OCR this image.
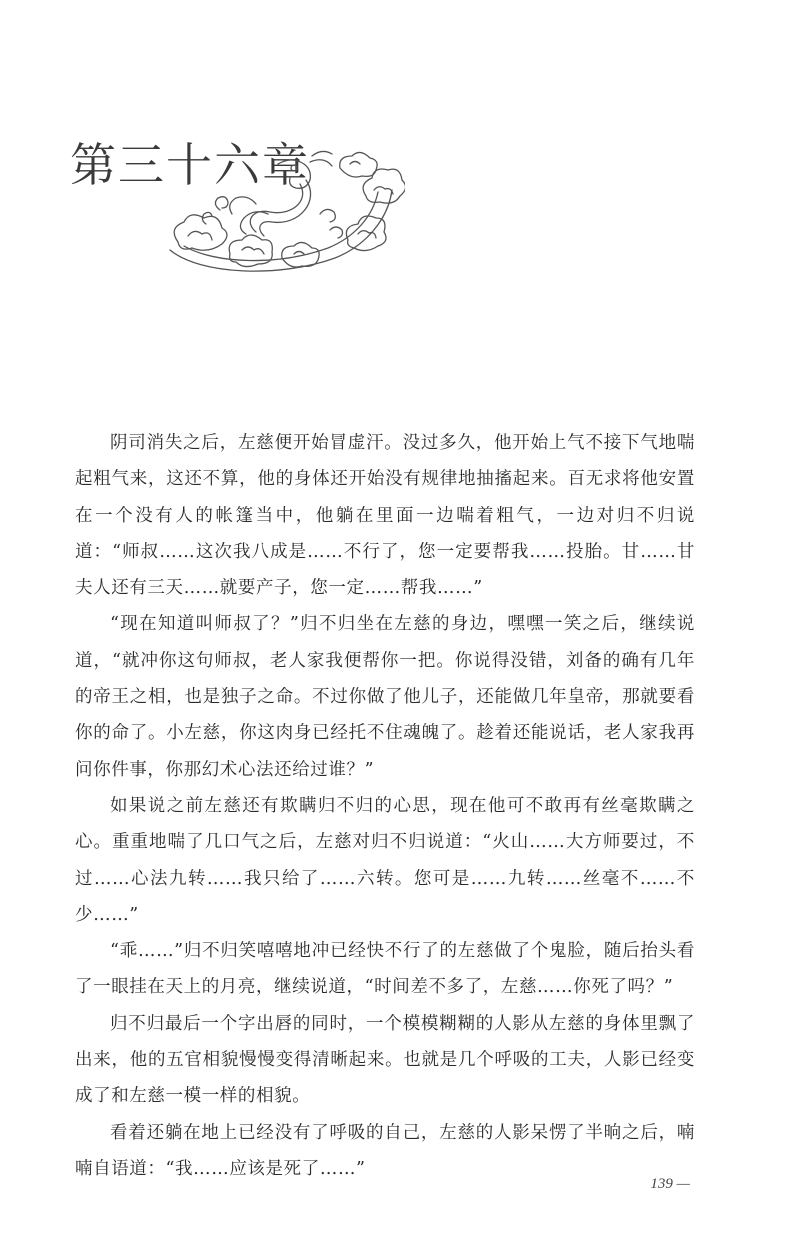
第三十六章

阴司消失之后，左慈便开始冒虚汗。没过多久，他开始上气不接下气地喘起粗气来，这还不算，他的身体还开始没有规律地抽搐起来。百无求将他安置在一个没有人的帐篷当中，他躺在里面一边喘着粗气，一边对归不归说道：“师叔……这次我八成是……不行了，您一定要帮我……投胎。甘……甘夫人还有三天……就要产子，您一定……帮我……”

“现在知道叫师叔了？”归不归坐在左慈的身边，嘿嘿一笑之后，继续说道，“就冲你这句师叔，老人家我便帮你一把。你说得没错，刘备的确有几年的帝王之相，也是独子之命。不过你做了他儿子，还能做几年皇帝，那就要看你的命了。小左慈，你这肉身已经托不住魂魄了。趁着还能说话，老人家我再问你件事，你那幻术心法还给过谁？”

如果说之前左慈还有欺瞒归不归的心思，现在他可不敢再有丝毫欺瞒之心。重重地喘了几口气之后，左慈对归不归说道：“火山……大方师要过，不过……心法九转……我只给了……六转。您可是……九转……丝毫不……不少……”

“乖……”归不归笑嘻嘻地冲已经快不行了的左慈做了个鬼脸，随后抬头看了一眼挂在天上的月亮，继续说道，“时间差不多了，左慈……你死了吗？”

归不归最后一个字出唇的同时，一个模模糊糊的人影从左慈的身体里飘了出来，他的五官相貌慢慢变得清晰起来。也就是几个呼吸的工夫，人影已经变成了和左慈一模一样的相貌。

看着还躺在地上已经没有了呼吸的自己，左慈的人影呆愣了半晌之后，喃喃自语道：“我……应该是死了……”

139 —
